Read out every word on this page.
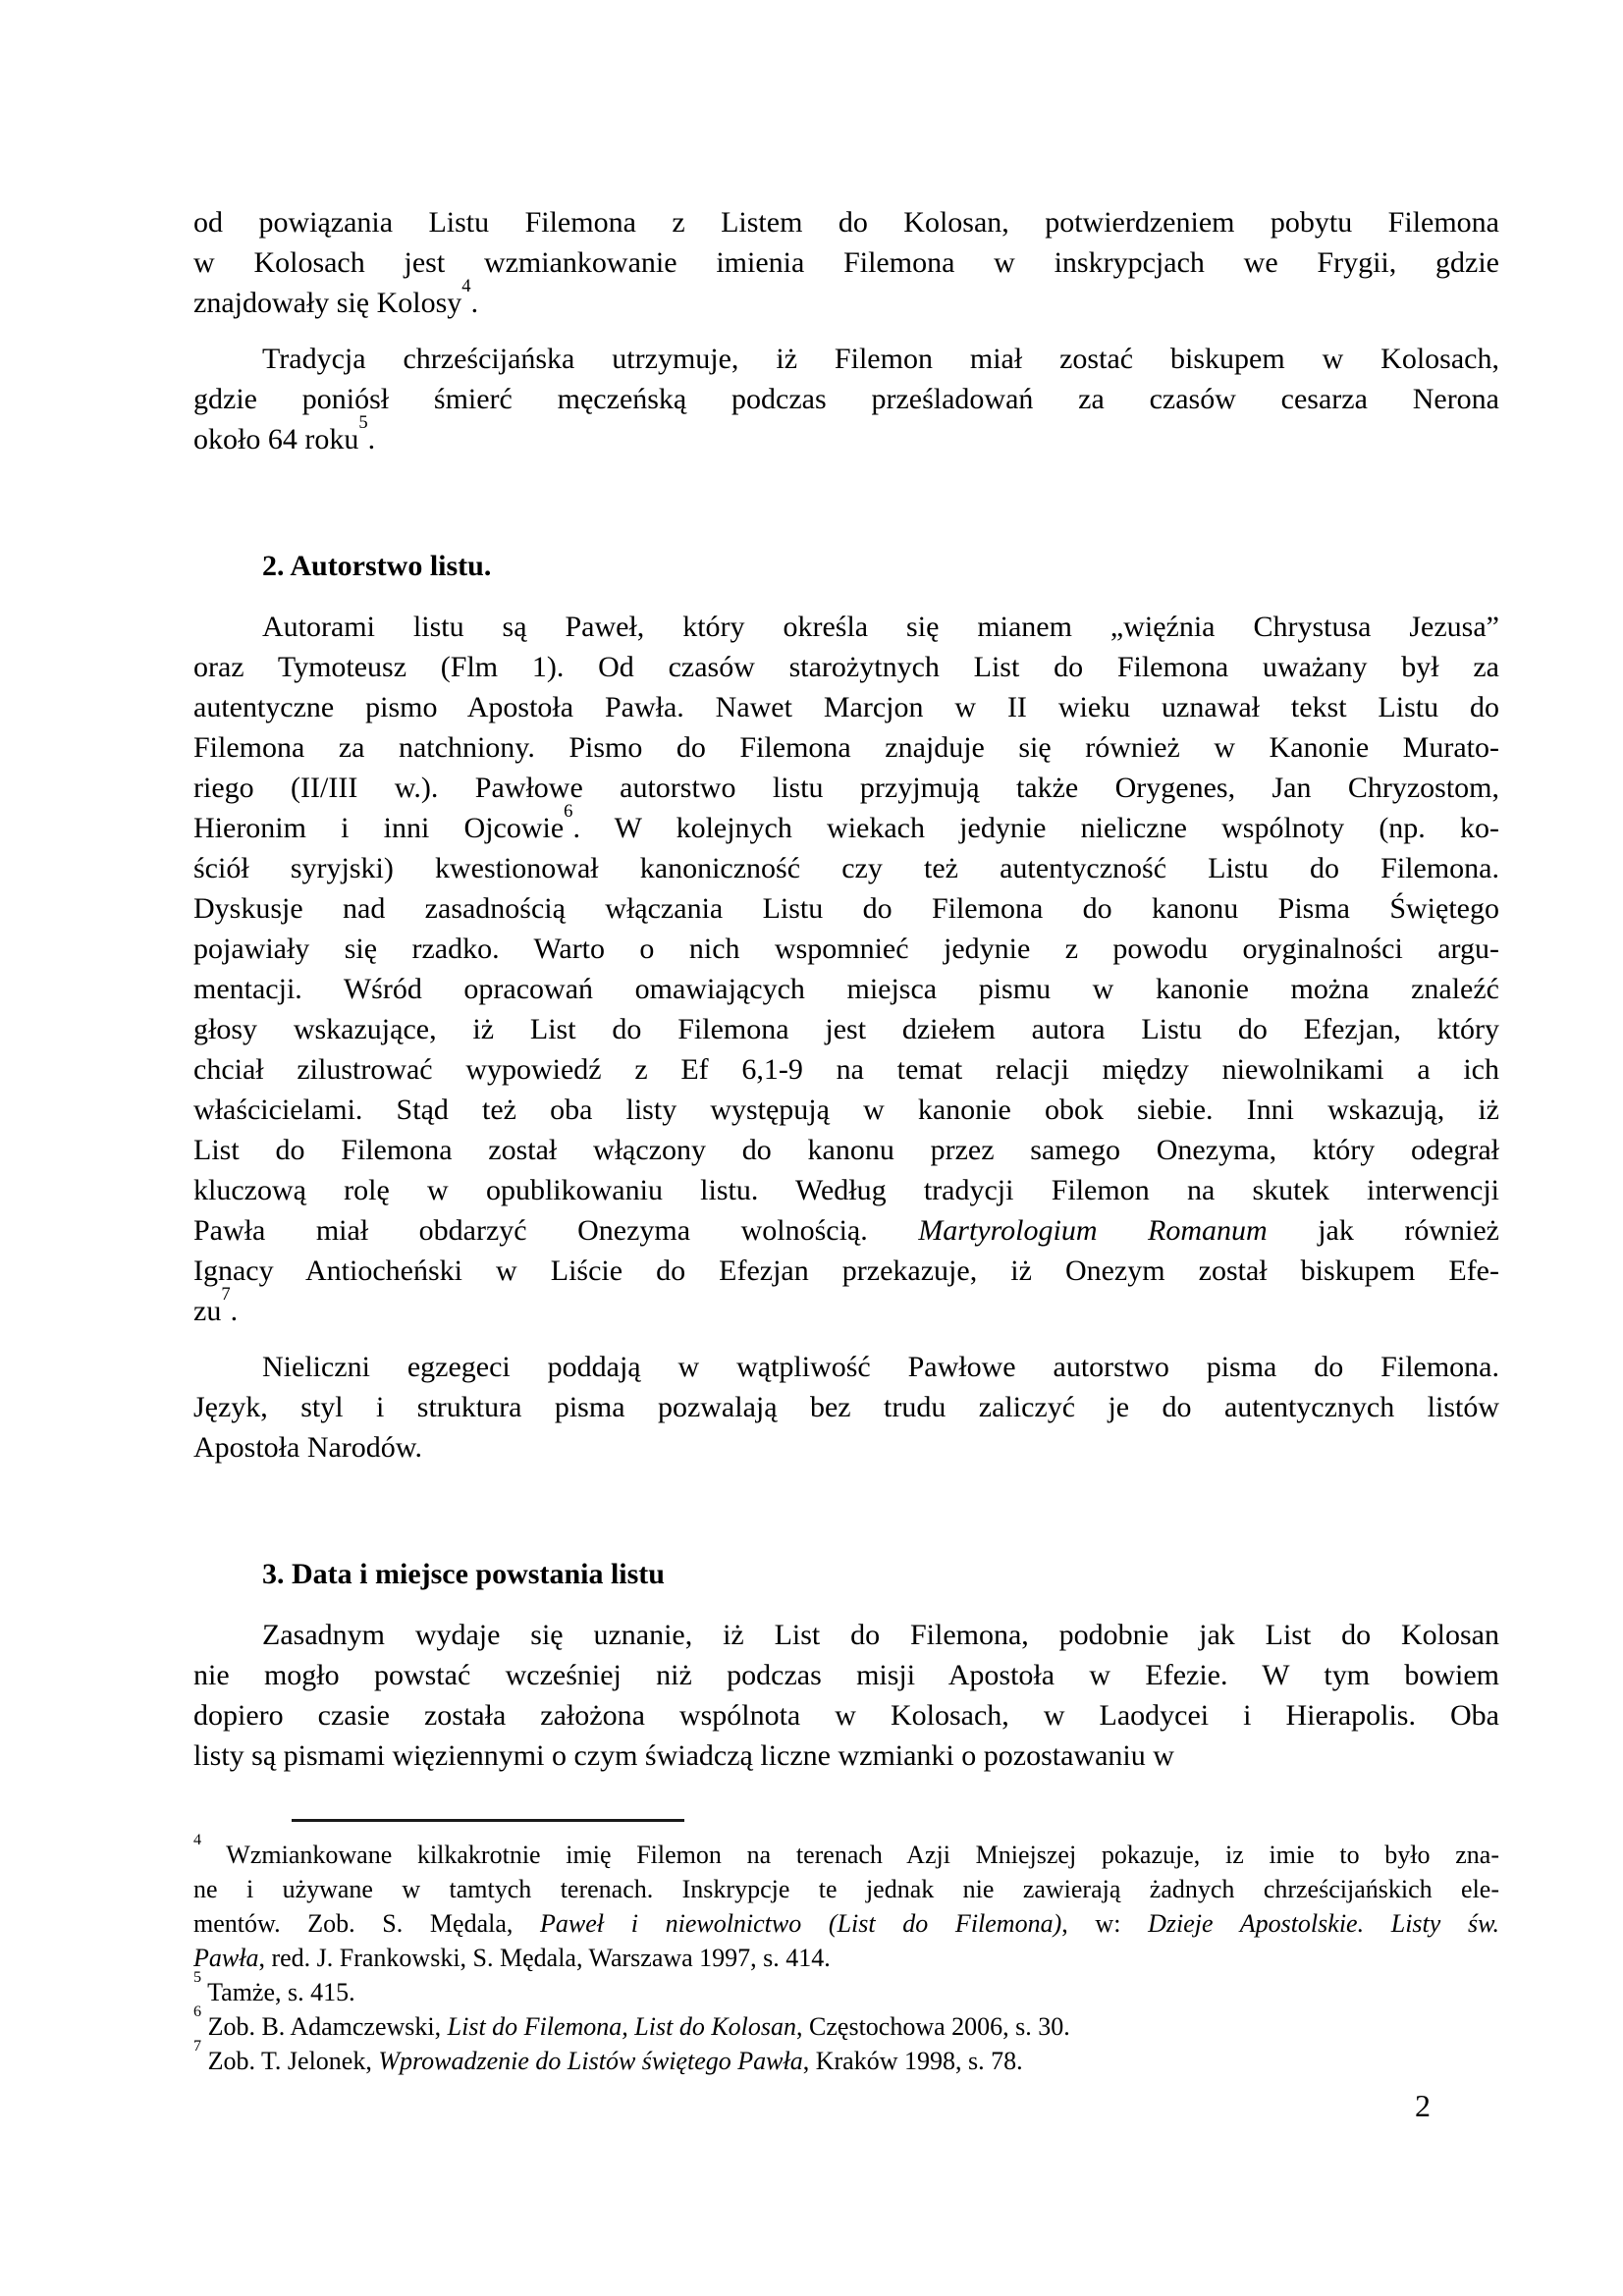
od powiązania Listu Filemona z Listem do Kolosan, potwierdzeniem pobytu Filemona
w Kolosach jest wzmiankowanie imienia Filemona w inskrypcjach we Frygii, gdzie
znajdowały się Kolosy$^4$.
Tradycja chrześcijańska utrzymuje, iż Filemon miał zostać biskupem w Kolosach,
gdzie poniósł śmierć męczeńską podczas prześladowań za czasów cesarza Nerona
około 64 roku$^5$.
2. Autorstwo listu.
Autorami listu są Paweł, który określa się mianem „więźnia Chrystusa Jezusa”
oraz Tymoteusz (Flm 1). Od czasów starożytnych List do Filemona uważany był za
autentyczne pismo Apostoła Pawła. Nawet Marcjon w II wieku uznawał tekst Listu do
Filemona za natchniony. Pismo do Filemona znajduje się również w Kanonie Murato-
riego (II/III w.). Pawłowe autorstwo listu przyjmują także Orygenes, Jan Chryzostom,
Hieronim i inni Ojcowie$^6$. W kolejnych wiekach jedynie nieliczne wspólnoty (np. ko-
ściół syryjski) kwestionował kanoniczność czy też autentyczność Listu do Filemona.
Dyskusje nad zasadnością włączania Listu do Filemona do kanonu Pisma Świętego
pojawiały się rzadko. Warto o nich wspomnieć jedynie z powodu oryginalności argu-
mentacji. Wśród opracowań omawiających miejsca pismu w kanonie można znaleźć
głosy wskazujące, iż List do Filemona jest dziełem autora Listu do Efezjan, który
chciał zilustrować wypowiedź z Ef 6,1-9 na temat relacji między niewolnikami a ich
właścicielami. Stąd też oba listy występują w kanonie obok siebie. Inni wskazują, iż
List do Filemona został włączony do kanonu przez samego Onezyma, który odegrał
kluczową rolę w opublikowaniu listu. Według tradycji Filemon na skutek interwencji
Pawła miał obdarzyć Onezyma wolnością. Martyrologium Romanum jak również
Ignacy Antiocheński w Liście do Efezjan przekazuje, iż Onezym został biskupem Efe-
$zu^7$.
Nieliczni egzegeci poddają w wątpliwość Pawłowe autorstwo pisma do Filemona.
Język, styl i struktura pisma pozwalają bez trudu zaliczyć je do autentycznych listów
Apostoła Narodów.
3. Data i miejsce powstania listu
Zasadnym wydaje się uznanie, iż List do Filemona, podobnie jak List do Kolosan
nie mogło powstać wcześniej niż podczas misji Apostoła w Efezie. W tym bowiem
dopiero czasie została założona wspólnota w Kolosach, w Laodycei i Hierapolis. Oba
listy są pismami więziennymi o czym świadczą liczne wzmianki o pozostawaniu w
$^4$ Wzmiankowane kilkakrotnie imię Filemon na terenach Azji Mniejszej pokazuje, iz imie to było zna-
ne i używane w tamtych terenach. Inskrypcje te jednak nie zawierają żadnych chrześcijańskich ele-
mentów. Zob. S. Mędala, Paweł i niewolnictwo (List do Filemona), w: Dzieje Apostolskie. Listy św.
Pawła, red. J. Frankowski, S. Mędala, Warszawa 1997, s. 414.
$^5$ Tamże, s. 415.
$^6$ Zob. B. Adamczewski, List do Filemona, List do Kolosan, Częstochowa 2006, s. 30.
$^7$ Zob. T. Jelonek, Wprowadzenie do Listów świętego Pawła, Kraków 1998, s. 78.
2
